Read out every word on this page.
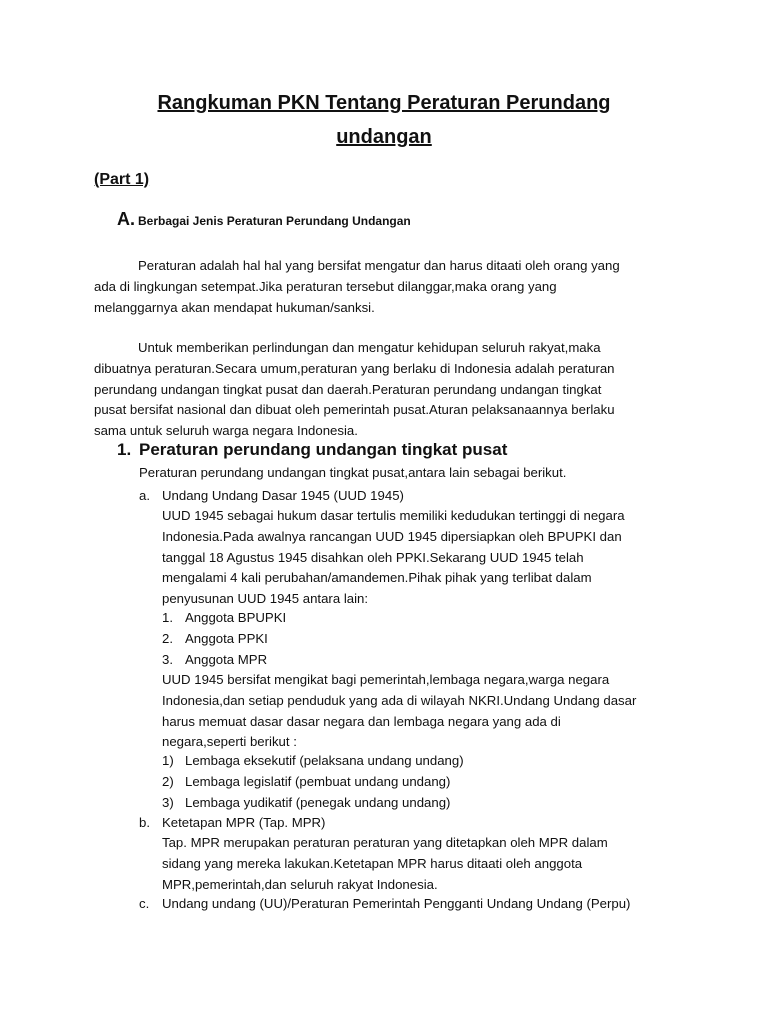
Rangkuman PKN Tentang Peraturan Perundang
undangan
(Part 1)
A. Berbagai Jenis Peraturan Perundang Undangan
Peraturan adalah hal hal yang bersifat mengatur dan harus ditaati oleh orang yang
ada di lingkungan setempat.Jika peraturan tersebut dilanggar,maka orang yang
melanggarnya akan mendapat hukuman/sanksi.
Untuk memberikan perlindungan dan mengatur kehidupan seluruh rakyat,maka
dibuatnya peraturan.Secara umum,peraturan yang berlaku di Indonesia adalah peraturan
perundang undangan tingkat pusat dan daerah.Peraturan perundang undangan tingkat
pusat bersifat nasional dan dibuat oleh pemerintah pusat.Aturan pelaksanaannya berlaku
sama untuk seluruh warga negara Indonesia.
1. Peraturan perundang undangan tingkat pusat
Peraturan perundang undangan tingkat pusat,antara lain sebagai berikut.
a. Undang Undang Dasar 1945 (UUD 1945)
UUD 1945 sebagai hukum dasar tertulis memiliki kedudukan tertinggi di negara
Indonesia.Pada awalnya rancangan UUD 1945 dipersiapkan oleh BPUPKI dan
tanggal 18 Agustus 1945 disahkan oleh PPKI.Sekarang UUD 1945 telah
mengalami 4 kali perubahan/amandemen.Pihak pihak yang terlibat dalam
penyusunan UUD 1945 antara lain:
1. Anggota BPUPKI
2. Anggota PPKI
3. Anggota MPR
UUD 1945 bersifat mengikat bagi pemerintah,lembaga negara,warga negara
Indonesia,dan setiap penduduk yang ada di wilayah NKRI.Undang Undang dasar
harus memuat dasar dasar negara dan lembaga negara yang ada di
negara,seperti berikut :
1) Lembaga eksekutif (pelaksana undang undang)
2) Lembaga legislatif (pembuat undang undang)
3) Lembaga yudikatif (penegak undang undang)
b. Ketetapan MPR (Tap. MPR)
Tap. MPR merupakan peraturan peraturan yang ditetapkan oleh MPR dalam
sidang yang mereka lakukan.Ketetapan MPR harus ditaati oleh anggota
MPR,pemerintah,dan seluruh rakyat Indonesia.
c. Undang undang (UU)/Peraturan Pemerintah Pengganti Undang Undang (Perpu)
